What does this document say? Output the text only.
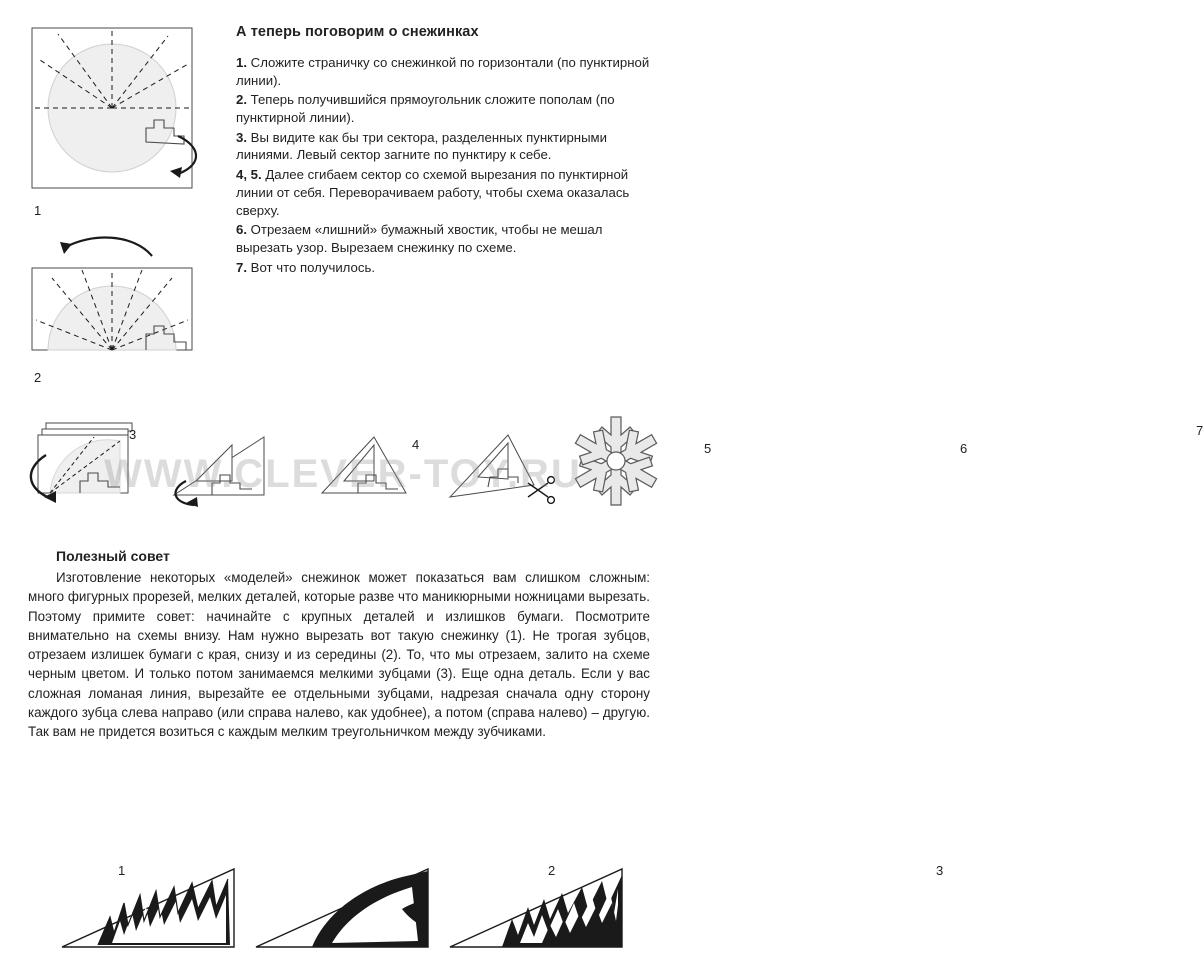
1
2
А теперь поговорим о снежинках
1. Сложите страничку со снежинкой по горизонтали (по пунктирной линии).
2. Теперь получившийся прямоугольник сложите пополам (по пунктирной линии).
3. Вы видите как бы три сектора, разделенных пунктирными линиями. Левый сектор загните по пунктиру к себе.
4, 5. Далее сгибаем сектор со схемой вырезания по пунктирной линии от себя. Переворачиваем работу, чтобы схема оказалась сверху.
6. Отрезаем «лишний» бумажный хвостик, чтобы не мешал вырезать узор. Вырезаем снежинку по схеме.
7. Вот что получилось.
3
4	5	6
7
WWW.CLEVER-TOY.RU
Полезный совет
Изготовление некоторых «моделей» снежинок может показаться вам слишком сложным: много фигурных прорезей, мелких деталей, которые разве что маникюрными ножницами вырезать. Поэтому примите совет: начинайте с крупных деталей и излишков бумаги. Посмотрите внимательно на схемы внизу. Нам нужно вырезать вот такую снежинку (1). Не трогая зубцов, отрезаем излишек бумаги с края, снизу и из середины (2). То, что мы отрезаем, залито на схеме черным цветом. И только потом занимаемся мелкими зубцами (3). Еще одна деталь. Если у вас сложная ломаная линия, вырезайте ее отдельными зубцами, надрезая сначала одну сторону каждого зубца слева направо (или справа налево, как удобнее), а потом (справа налево) – другую. Так вам не придется возиться с каждым мелким треугольничком между зубчиками.
1	2	3
